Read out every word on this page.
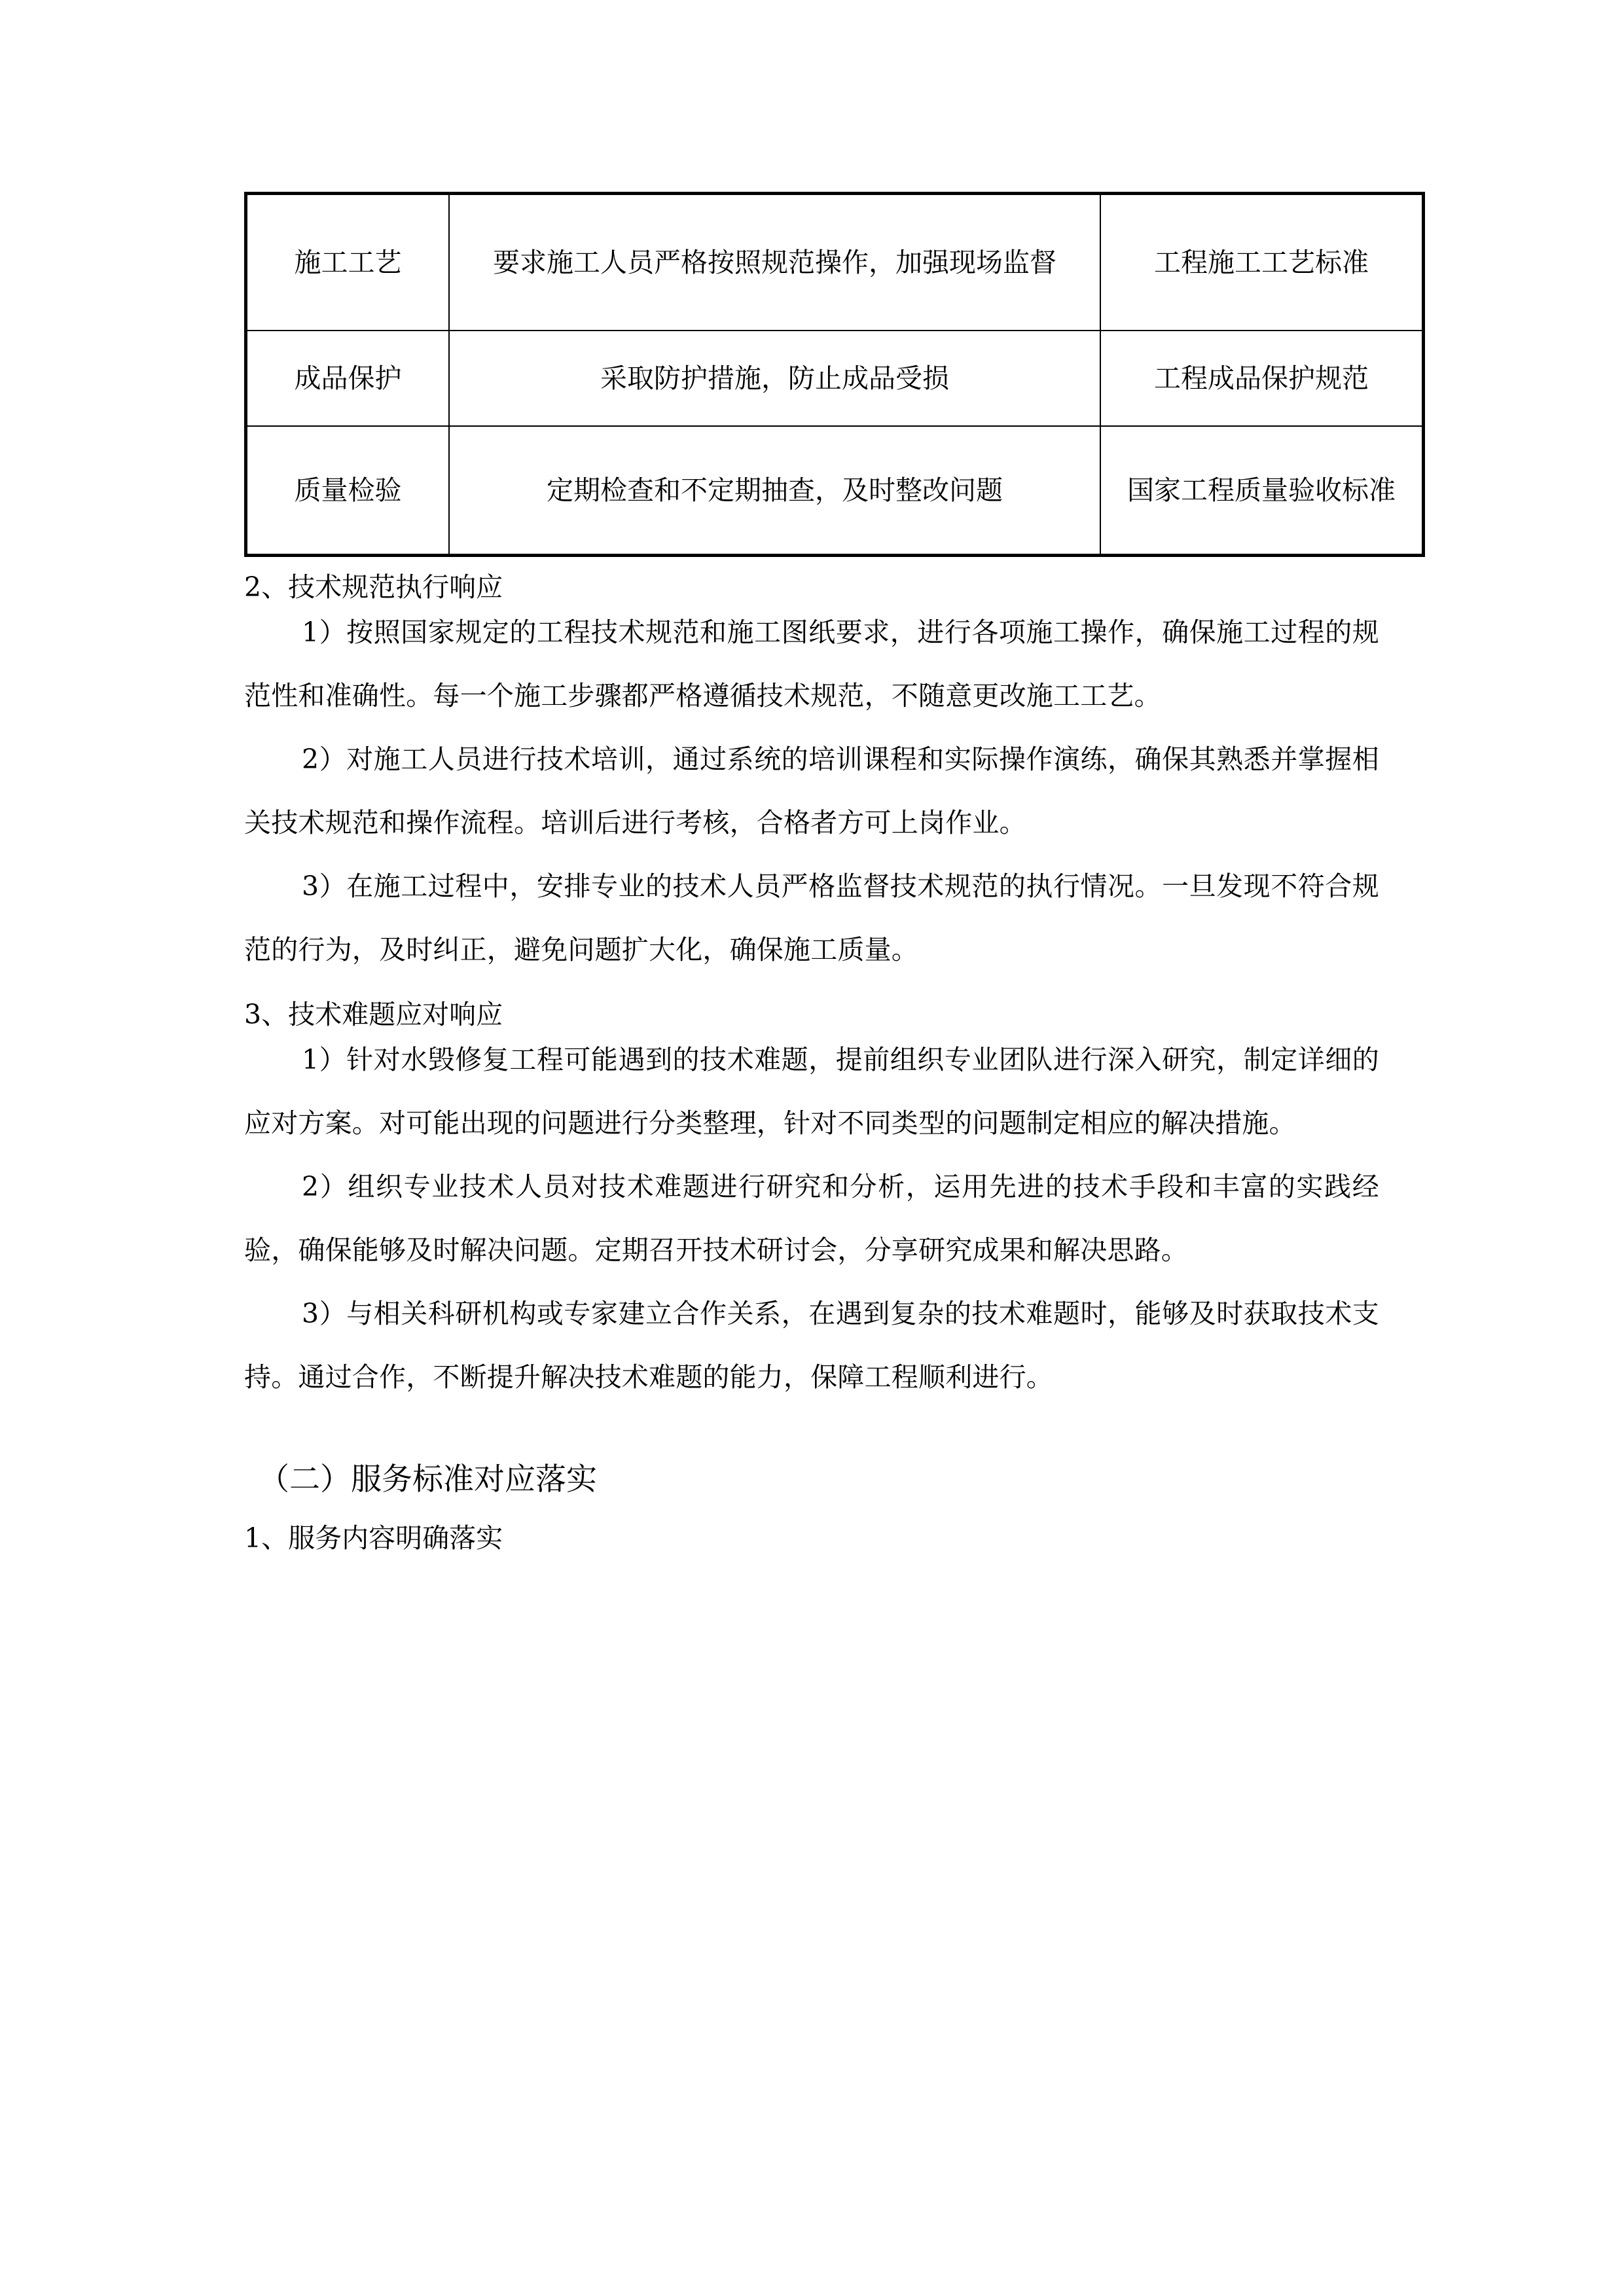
施工工艺	要求施工人员严格按照规范操作，加强现场监督	工程施工工艺标准
成品保护	采取防护措施，防止成品受损	工程成品保护规范
质量检验	定期检查和不定期抽查，及时整改问题	国家工程质量验收标准

2、技术规范执行响应

1）按照国家规定的工程技术规范和施工图纸要求，进行各项施工操作，确保施工过程的规范性和准确性。每一个施工步骤都严格遵循技术规范，不随意更改施工工艺。

2）对施工人员进行技术培训，通过系统的培训课程和实际操作演练，确保其熟悉并掌握相关技术规范和操作流程。培训后进行考核，合格者方可上岗作业。

3）在施工过程中，安排专业的技术人员严格监督技术规范的执行情况。一旦发现不符合规范的行为，及时纠正，避免问题扩大化，确保施工质量。

3、技术难题应对响应

1）针对水毁修复工程可能遇到的技术难题，提前组织专业团队进行深入研究，制定详细的应对方案。对可能出现的问题进行分类整理，针对不同类型的问题制定相应的解决措施。

2）组织专业技术人员对技术难题进行研究和分析，运用先进的技术手段和丰富的实践经验，确保能够及时解决问题。定期召开技术研讨会，分享研究成果和解决思路。

3）与相关科研机构或专家建立合作关系，在遇到复杂的技术难题时，能够及时获取技术支持。通过合作，不断提升解决技术难题的能力，保障工程顺利进行。

（二）服务标准对应落实

1、服务内容明确落实
